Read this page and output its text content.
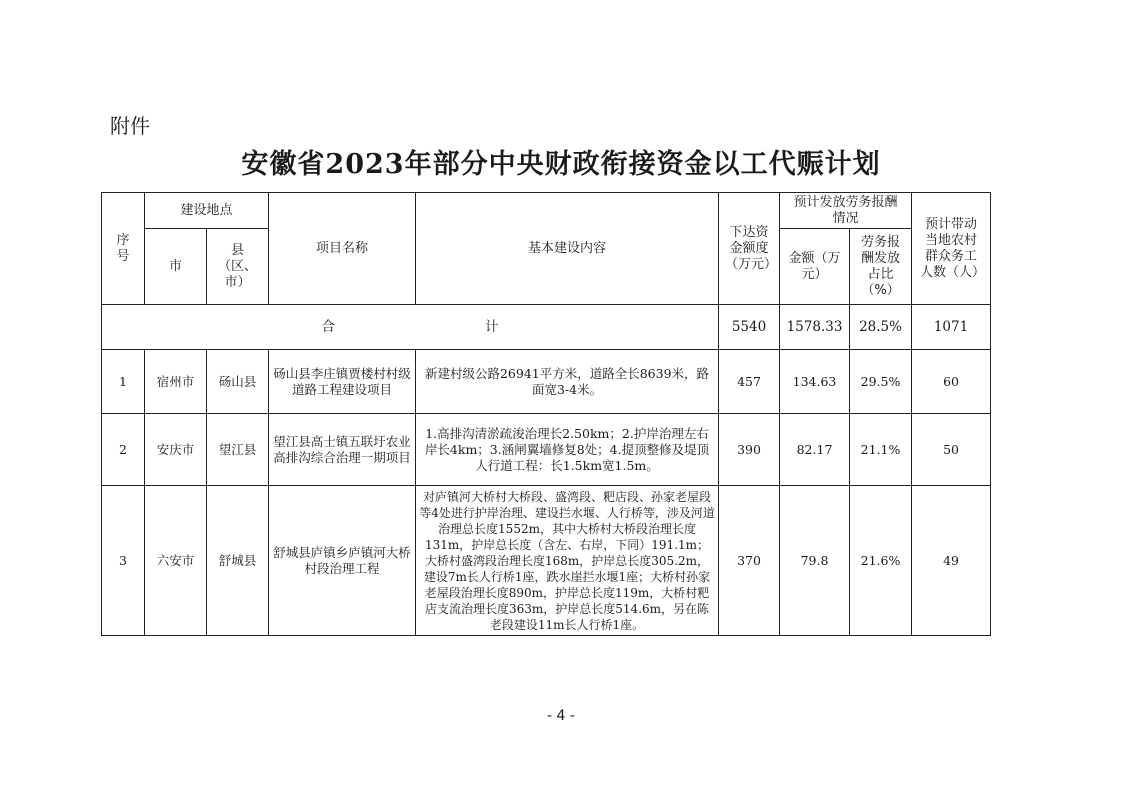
附件
安徽省2023年部分中央财政衔接资金以工代赈计划
序号	建设地点		项目名称	基本建设内容	下达资金额度（万元）	预计发放劳务报酬情况		预计带动当地农村群众务工人数（人）
	市	县（区、市）				金额（万元）	劳务报酬发放占比（%）	

合 计					5540	1578.33	28.5%	1071
1	宿州市	砀山县	砀山县李庄镇贾楼村村级道路工程建设项目	新建村级公路26941平方米，道路全长8639米，路面宽3-4米。	457	134.63	29.5%	60
2	安庆市	望江县	望江县高士镇五联圩农业高排沟综合治理一期项目	1.高排沟清淤疏浚治理长2.50km；2.护岸治理左右岸长4km；3.涵闸翼墙修复8处；4.提顶整修及堤顶人行道工程：长1.5km宽1.5m。	390	82.17	21.1%	50
3	六安市	舒城县	舒城县庐镇乡庐镇河大桥村段治理工程	对庐镇河大桥村大桥段、盛湾段、粑店段、孙家老屋段等4处进行护岸治理、建设拦水堰、人行桥等，涉及河道治理总长度1552m，其中大桥村大桥段治理长度131m，护岸总长度（含左、右岸，下同）191.1m；大桥村盛湾段治理长度168m，护岸总长度305.2m，建设7m长人行桥1座，跌水崖拦水堰1座；大桥村孙家老屋段治理长度890m，护岸总长度119m，大桥村粑店支流治理长度363m，护岸总长度514.6m，另在陈老段建设11m长人行桥1座。	370	79.8	21.6%	49
- 4 -
